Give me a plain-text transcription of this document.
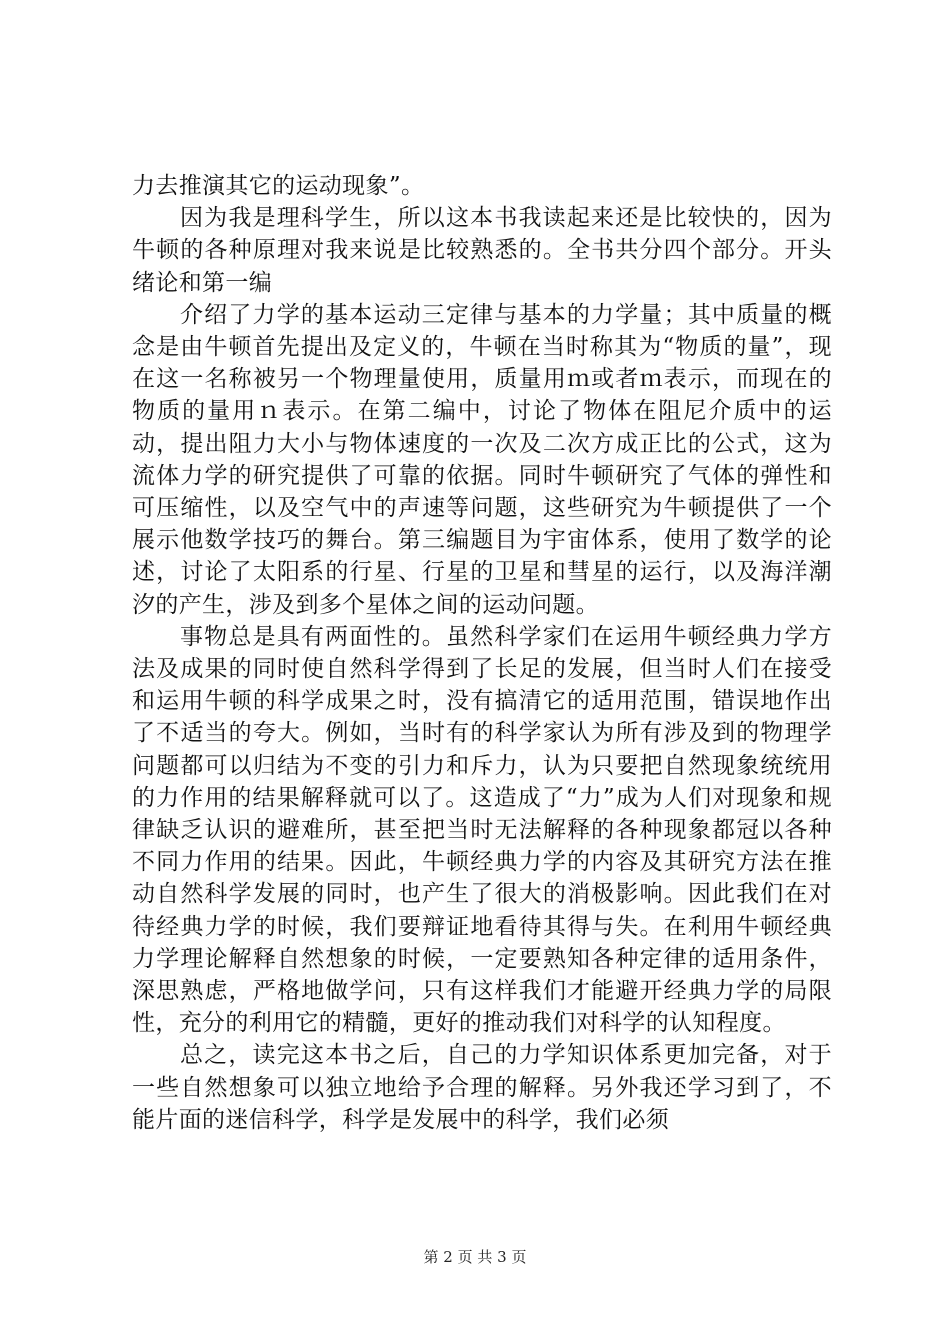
力去推演其它的运动现象”。

因为我是理科学生，所以这本书我读起来还是比较快的，因为牛顿的各种原理对我来说是比较熟悉的。全书共分四个部分。开头绪论和第一编

介绍了力学的基本运动三定律与基本的力学量；其中质量的概念是由牛顿首先提出及定义的，牛顿在当时称其为“物质的量”，现在这一名称被另一个物理量使用，质量用ｍ或者ｍ表示，而现在的物质的量用ｎ表示。在第二编中，讨论了物体在阻尼介质中的运动，提出阻力大小与物体速度的一次及二次方成正比的公式，这为流体力学的研究提供了可靠的依据。同时牛顿研究了气体的弹性和可压缩性，以及空气中的声速等问题，这些研究为牛顿提供了一个展示他数学技巧的舞台。第三编题目为宇宙体系，使用了数学的论述，讨论了太阳系的行星、行星的卫星和彗星的运行，以及海洋潮汐的产生，涉及到多个星体之间的运动问题。

事物总是具有两面性的。虽然科学家们在运用牛顿经典力学方法及成果的同时使自然科学得到了长足的发展，但当时人们在接受和运用牛顿的科学成果之时，没有搞清它的适用范围，错误地作出了不适当的夸大。例如，当时有的科学家认为所有涉及到的物理学问题都可以归结为不变的引力和斥力，认为只要把自然现象统统用的力作用的结果解释就可以了。这造成了“力”成为人们对现象和规律缺乏认识的避难所，甚至把当时无法解释的各种现象都冠以各种不同力作用的结果。因此，牛顿经典力学的内容及其研究方法在推动自然科学发展的同时，也产生了很大的消极影响。因此我们在对待经典力学的时候，我们要辩证地看待其得与失。在利用牛顿经典力学理论解释自然想象的时候，一定要熟知各种定律的适用条件，深思熟虑，严格地做学问，只有这样我们才能避开经典力学的局限性，充分的利用它的精髓，更好的推动我们对科学的认知程度。

总之，读完这本书之后，自己的力学知识体系更加完备，对于一些自然想象可以独立地给予合理的解释。另外我还学习到了，不能片面的迷信科学，科学是发展中的科学，我们必须

第 2 页 共 3 页
